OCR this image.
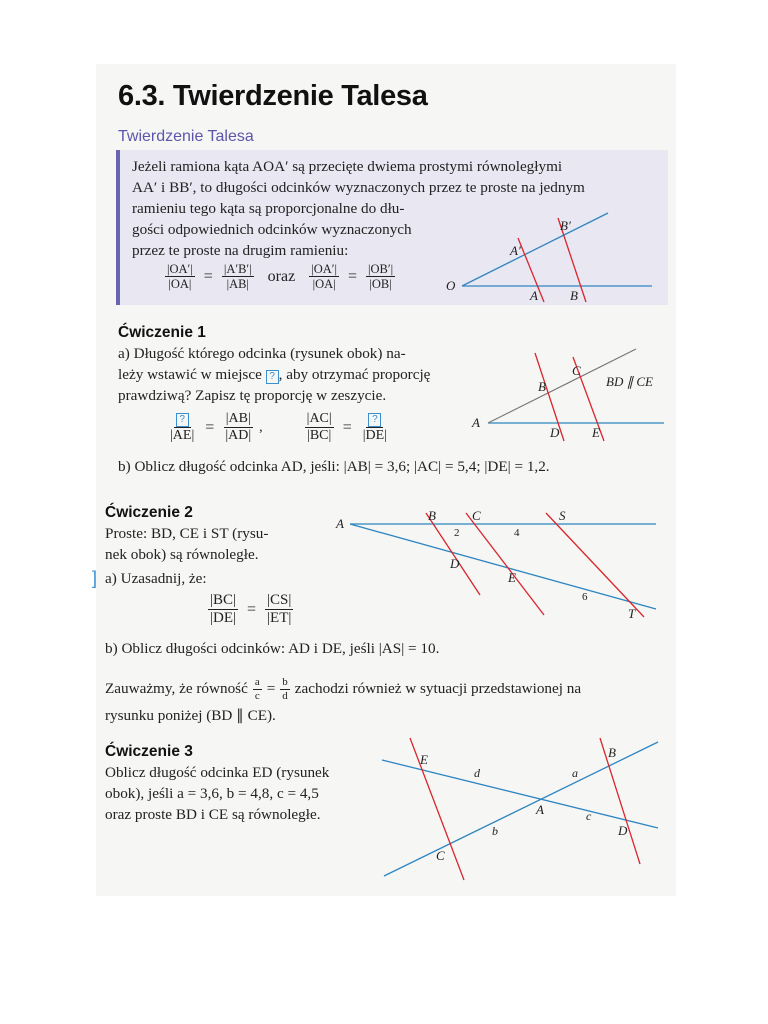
6.3. Twierdzenie Talesa
Twierdzenie Talesa
Jeżeli ramiona kąta AOA′ są przecięte dwiema prostymi równoległymi
AA′ i BB′, to długości odcinków wyznaczonych przez te proste na jednym
ramieniu tego kąta są proporcjonalne do dłu-
gości odpowiednich odcinków wyznaczonych
przez te proste na drugim ramieniu:
$\frac{|OA'|}{|OA|} = \frac{|A'B'|}{|AB|}$ oraz	$\frac{|OA'|}{|OA|} = \frac{|OB'|}{|OB|}$	O
A′
B′
A B
Ćwiczenie 1
a) Długość którego odcinka (rysunek obok) na-
leży wstawić w miejsce ? , aby otrzymać proporcję
prawdziwą? Zapisz tę proporcję w zeszycie.
$\frac{?}{|AE|} = \frac{|AB|}{|AD|}$ ,	$\frac{|AC|}{|BC|} = \frac{?}{|DE|}$	A
B
C
D	E
BD ∥ CE
b) Oblicz długość odcinka AD, jeśli: |AB| = 3,6; |AC| = 5,4; |DE| = 1,2.
Ćwiczenie 2
Proste: BD, CE i ST (rysu-
nek obok) są równoległe.
] a) Uzasadnij, że:
$\frac{|BC|}{|DE|} = \frac{|CS|}{|ET|}$
A
B	C	S
D
E
T
2	4
6
b) Oblicz długości odcinków: AD i DE, jeśli |AS| = 10.
Zauważmy, że równość $\frac{a}{c} = \frac{b}{d}$ zachodzi również w sytuacji przedstawionej na
rysunku poniżej (BD ∥ CE).
Ćwiczenie 3
Oblicz długość odcinka ED (rysunek
obok), jeśli a = 3,6, b = 4,8, c = 4,5
oraz proste BD i CE są równoległe.
E	B
A
C
D
a
b
c
d
